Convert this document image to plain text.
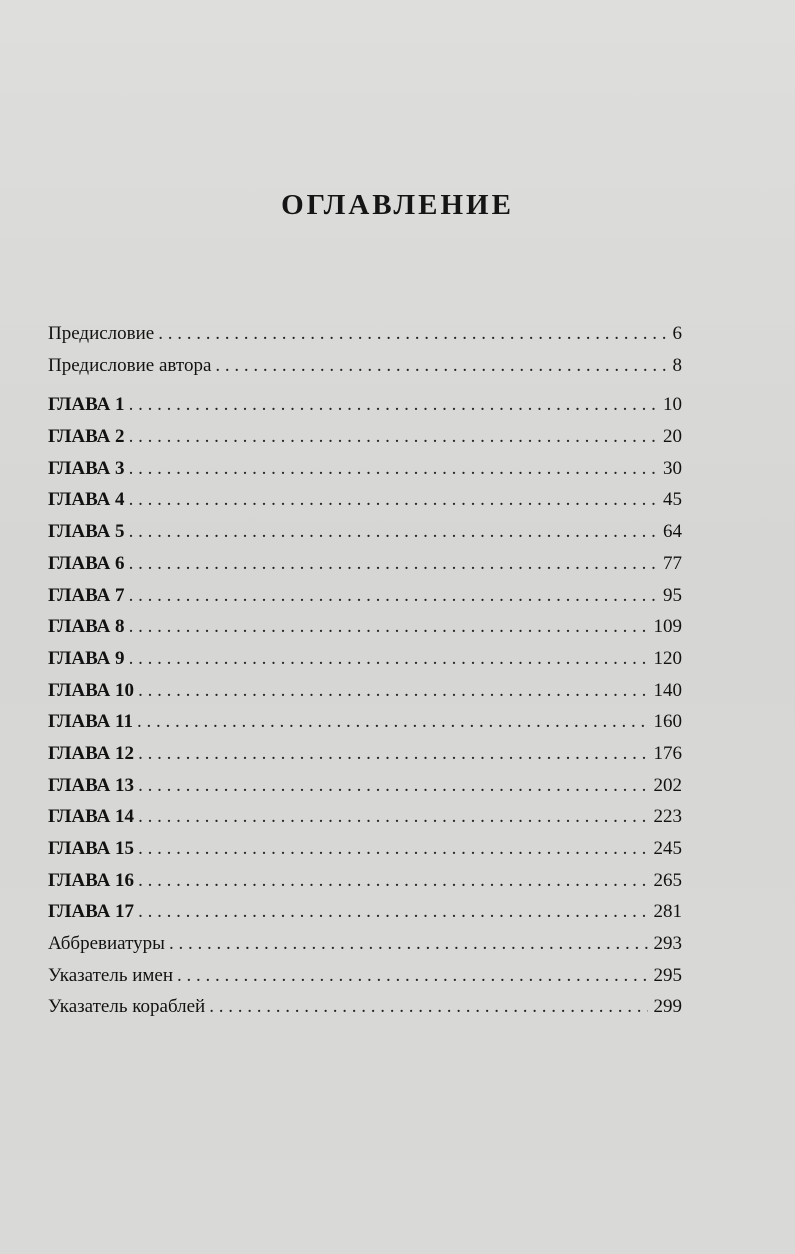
ОГЛАВЛЕНИЕ
Предисловие . . .	6
Предисловие автора . . .	8
ГЛАВА 1 . . .	10
ГЛАВА 2 . . .	20
ГЛАВА 3 . . .	30
ГЛАВА 4 . . .	45
ГЛАВА 5 . . .	64
ГЛАВА 6 . . .	77
ГЛАВА 7 . . .	95
ГЛАВА 8 . . .	109
ГЛАВА 9 . . .	120
ГЛАВА 10 . . .	140
ГЛАВА 11 . . .	160
ГЛАВА 12 . . .	176
ГЛАВА 13 . . .	202
ГЛАВА 14 . . .	223
ГЛАВА 15 . . .	245
ГЛАВА 16 . . .	265
ГЛАВА 17 . . .	281
Аббревиатуры . . .	293
Указатель имен . . .	295
Указатель кораблей . . .	299
